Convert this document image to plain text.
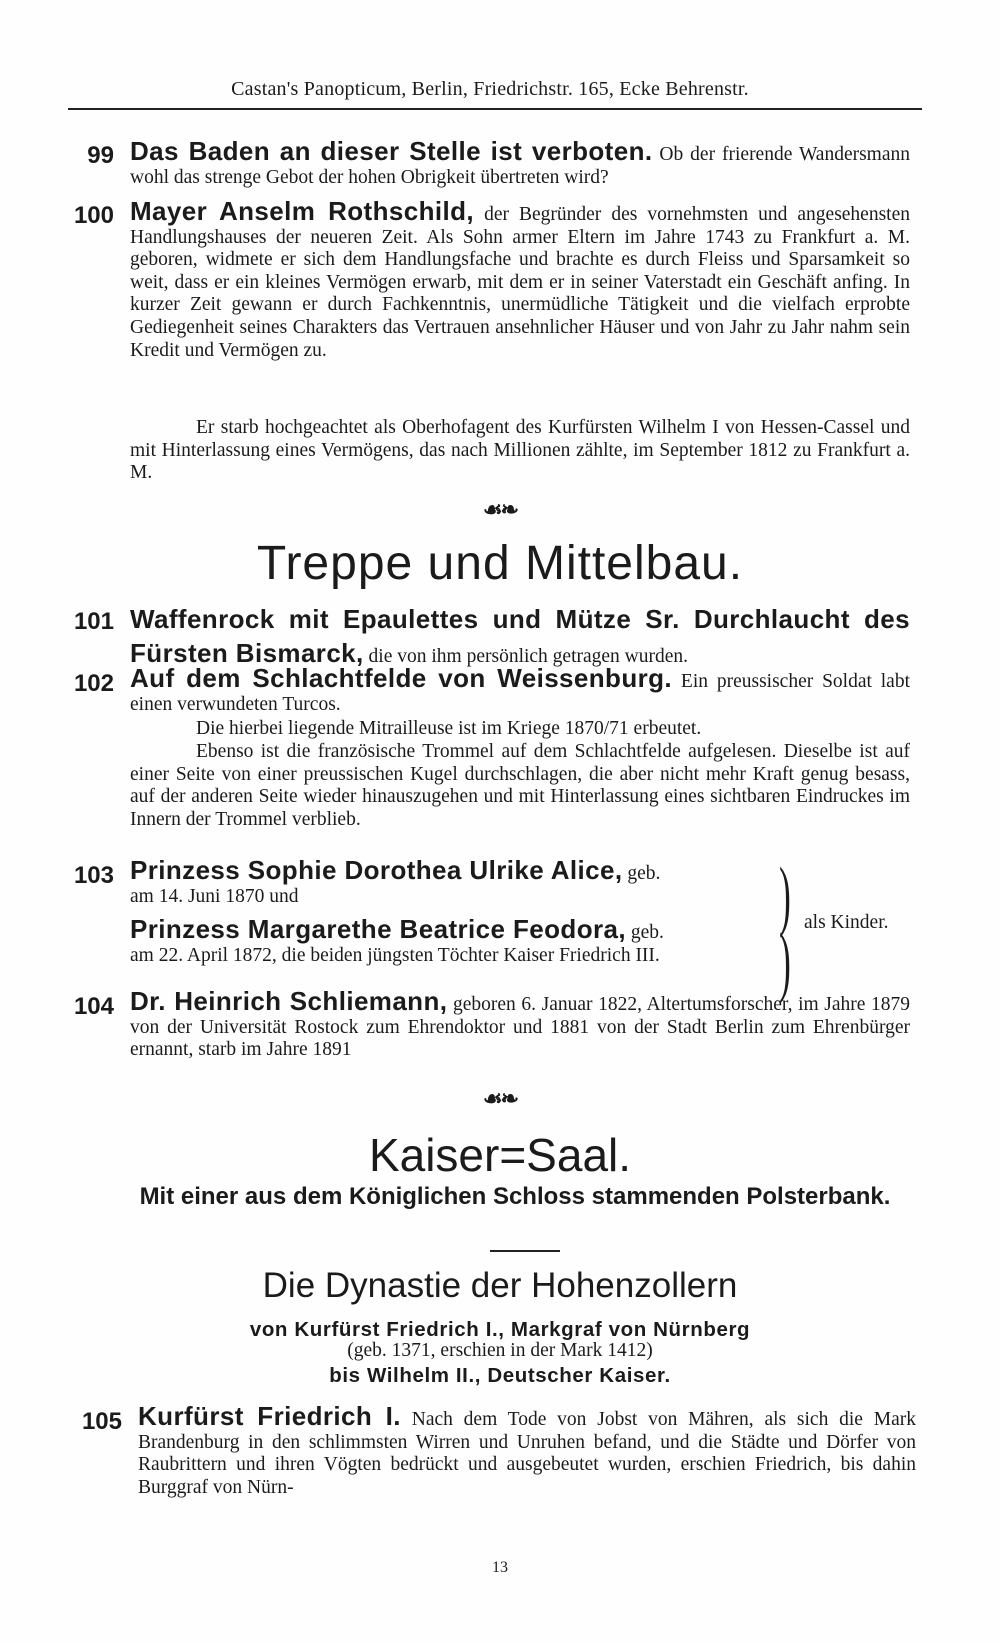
Castan's Panopticum, Berlin, Friedrichstr. 165, Ecke Behrenstr.
99 Das Baden an dieser Stelle ist verboten. Ob der frierende Wandersmann wohl das strenge Gebot der hohen Obrigkeit übertreten wird?
100 Mayer Anselm Rothschild, der Begründer des vornehmsten und angesehensten Handlungshauses der neueren Zeit. Als Sohn armer Eltern im Jahre 1743 zu Frankfurt a. M. geboren, widmete er sich dem Handlungsfache und brachte es durch Fleiss und Sparsamkeit so weit, dass er ein kleines Vermögen erwarb, mit dem er in seiner Vaterstadt ein Geschäft anfing. In kurzer Zeit gewann er durch Fachkenntnis, unermüdliche Tätigkeit und die vielfach erprobte Gediegenheit seines Charakters das Vertrauen ansehnlicher Häuser und von Jahr zu Jahr nahm sein Kredit und Vermögen zu.
Er starb hochgeachtet als Oberhofagent des Kurfürsten Wilhelm I von Hessen-Cassel und mit Hinterlassung eines Vermögens, das nach Millionen zählte, im September 1812 zu Frankfurt a. M.
☙❧
Treppe und Mittelbau.
101 Waffenrock mit Epaulettes und Mütze Sr. Durchlaucht des Fürsten Bismarck, die von ihm persönlich getragen wurden.
102 Auf dem Schlachtfelde von Weissenburg. Ein preussischer Soldat labt einen verwundeten Turcos.
Die hierbei liegende Mitrailleuse ist im Kriege 1870/71 erbeutet.
Ebenso ist die französische Trommel auf dem Schlachtfelde aufgelesen. Dieselbe ist auf einer Seite von einer preussischen Kugel durchschlagen, die aber nicht mehr Kraft genug besass, auf der anderen Seite wieder hinauszugehen und mit Hinterlassung eines sichtbaren Eindruckes im Innern der Trommel verblieb.
103 Prinzess Sophie Dorothea Ulrike Alice, geb.
am 14. Juni 1870 und
Prinzess Margarethe Beatrice Feodora, geb.
am 22. April 1872, die beiden jüngsten Töchter Kaiser Friedrich III.
)
) als Kinder.
104 Dr. Heinrich Schliemann, geboren 6. Januar 1822, Altertumsforscher, im Jahre 1879 von der Universität Rostock zum Ehrendoktor und 1881 von der Stadt Berlin zum Ehrenbürger ernannt, starb im Jahre 1891
☙❧
Kaiser=Saal.
Mit einer aus dem Königlichen Schloss stammenden Polsterbank.
Die Dynastie der Hohenzollern
von Kurfürst Friedrich I., Markgraf von Nürnberg
(geb. 1371, erschien in der Mark 1412)
bis Wilhelm II., Deutscher Kaiser.
105 Kurfürst Friedrich I. Nach dem Tode von Jobst von Mähren, als sich die Mark Brandenburg in den schlimmsten Wirren und Unruhen befand, und die Städte und Dörfer von Raubrittern und ihren Vögten bedrückt und ausgebeutet wurden, erschien Friedrich, bis dahin Burggraf von Nürn-
13
